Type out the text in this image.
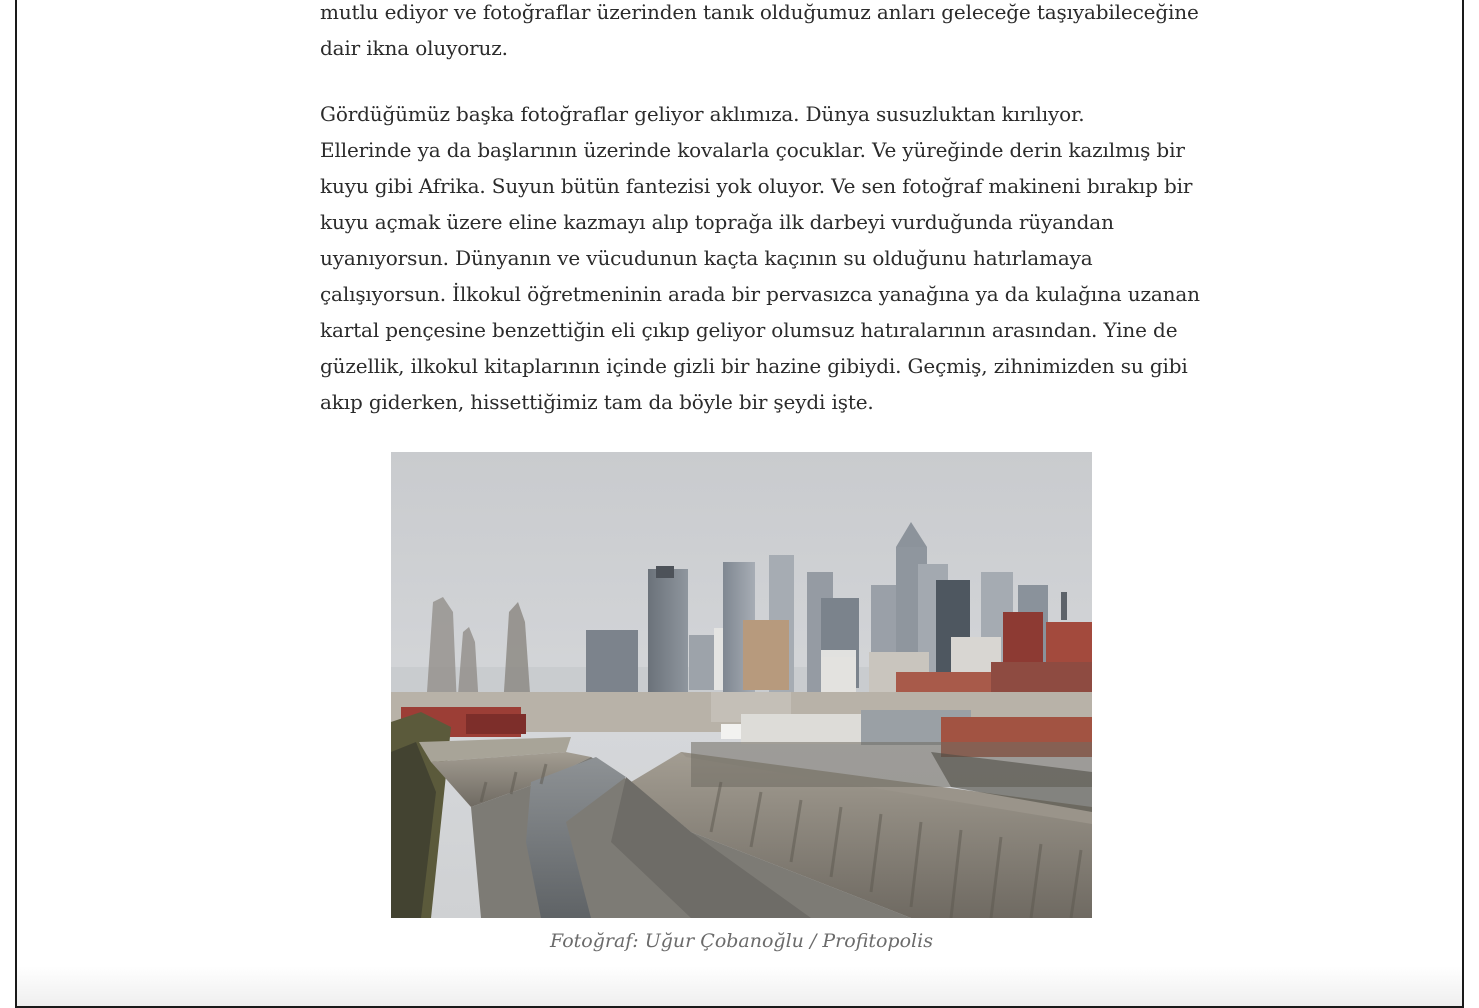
mutlu ediyor ve fotoğraflar üzerinden tanık olduğumuz anları geleceğe taşıyabileceğine
dair ikna oluyoruz.

Gördüğümüz başka fotoğraflar geliyor aklımıza. Dünya susuzluktan kırılıyor.
Ellerinde ya da başlarının üzerinde kovalarla çocuklar. Ve yüreğinde derin kazılmış bir
kuyu gibi Afrika. Suyun bütün fantezisi yok oluyor. Ve sen fotoğraf makineni bırakıp bir
kuyu açmak üzere eline kazmayı alıp toprağa ilk darbeyi vurduğunda rüyandan
uyanıyorsun. Dünyanın ve vücudunun kaçta kaçının su olduğunu hatırlamaya
çalışıyorsun. İlkokul öğretmeninin arada bir pervasızca yanağına ya da kulağına uzanan
kartal pençesine benzettiğin eli çıkıp geliyor olumsuz hatıralarının arasından. Yine de
güzellik, ilkokul kitaplarının içinde gizli bir hazine gibiydi. Geçmiş, zihnimizden su gibi
akıp giderken, hissettiğimiz tam da böyle bir şeydi işte.

Fotoğraf: Uğur Çobanoğlu / Profitopolis
